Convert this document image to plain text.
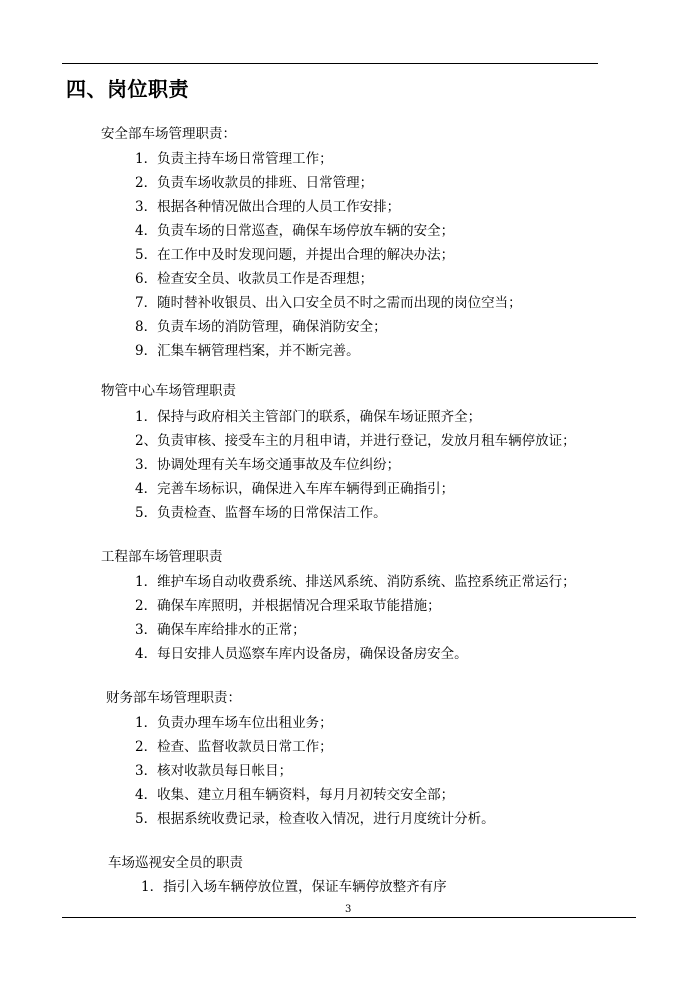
四、岗位职责
安全部车场管理职责：
1．负责主持车场日常管理工作；
2．负责车场收款员的排班、日常管理；
3．根据各种情况做出合理的人员工作安排；
4．负责车场的日常巡查，确保车场停放车辆的安全；
5．在工作中及时发现问题，并提出合理的解决办法；
6．检查安全员、收款员工作是否理想；
7．随时替补收银员、出入口安全员不时之需而出现的岗位空当；
8．负责车场的消防管理，确保消防安全；
9．汇集车辆管理档案，并不断完善。
物管中心车场管理职责
1．保持与政府相关主管部门的联系，确保车场证照齐全；
2、负责审核、接受车主的月租申请，并进行登记，发放月租车辆停放证；
3．协调处理有关车场交通事故及车位纠纷；
4．完善车场标识，确保进入车库车辆得到正确指引；
5．负责检查、监督车场的日常保洁工作。
工程部车场管理职责
1．维护车场自动收费系统、排送风系统、消防系统、监控系统正常运行；
2．确保车库照明，并根据情况合理采取节能措施；
3．确保车库给排水的正常；
4．每日安排人员巡察车库内设备房，确保设备房安全。
财务部车场管理职责：
1．负责办理车场车位出租业务；
2．检查、监督收款员日常工作；
3．核对收款员每日帐目；
4．收集、建立月租车辆资料，每月月初转交安全部；
5．根据系统收费记录，检查收入情况，进行月度统计分析。
车场巡视安全员的职责
1．指引入场车辆停放位置，保证车辆停放整齐有序
3
